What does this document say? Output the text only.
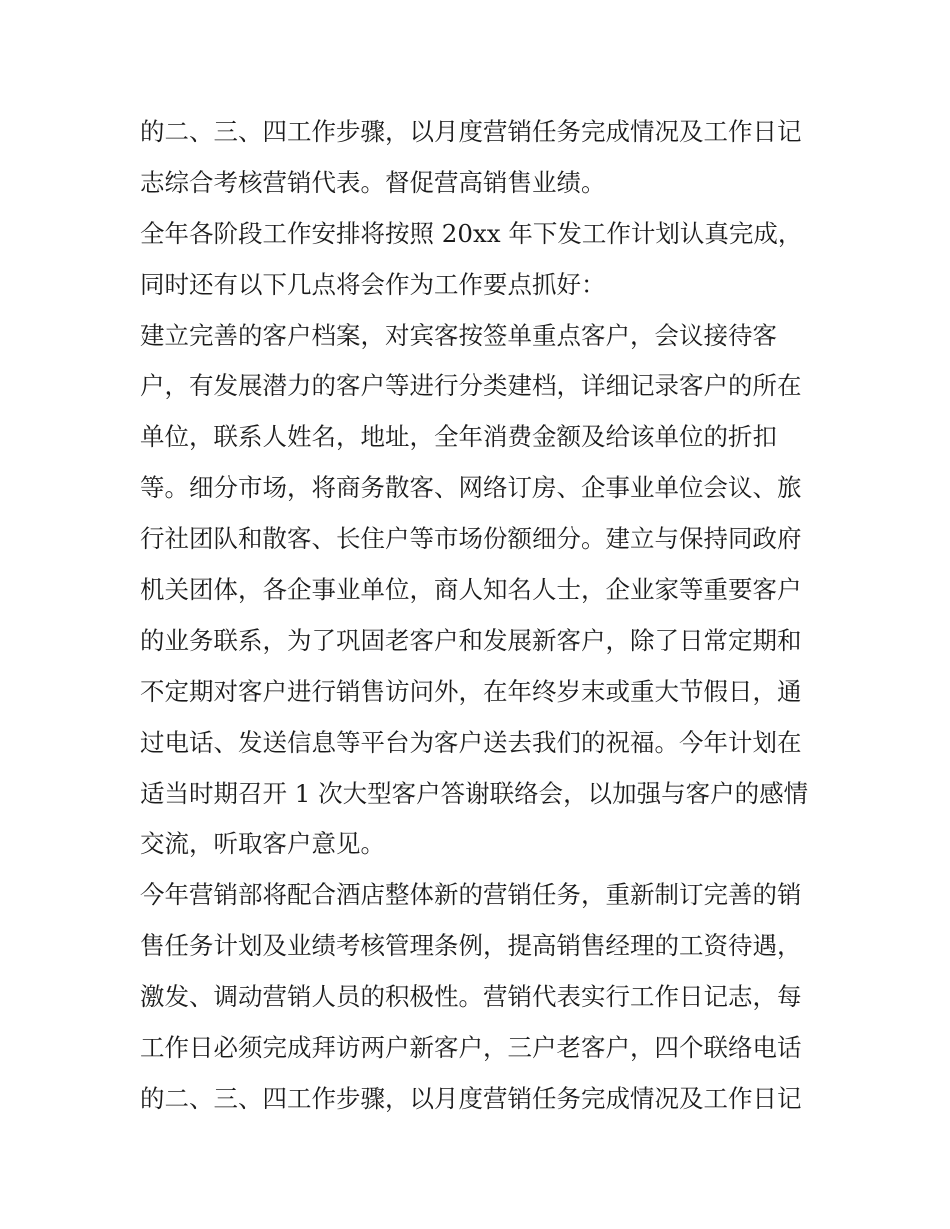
的二、三、四工作步骤，以月度营销任务完成情况及工作日记
志综合考核营销代表。督促营高销售业绩。
全年各阶段工作安排将按照 20xx 年下发工作计划认真完成，
同时还有以下几点将会作为工作要点抓好：
建立完善的客户档案，对宾客按签单重点客户，会议接待客
户，有发展潜力的客户等进行分类建档，详细记录客户的所在
单位，联系人姓名，地址，全年消费金额及给该单位的折扣
等。细分市场，将商务散客、网络订房、企事业单位会议、旅
行社团队和散客、长住户等市场份额细分。建立与保持同政府
机关团体，各企事业单位，商人知名人士，企业家等重要客户
的业务联系，为了巩固老客户和发展新客户，除了日常定期和
不定期对客户进行销售访问外，在年终岁末或重大节假日，通
过电话、发送信息等平台为客户送去我们的祝福。今年计划在
适当时期召开 1 次大型客户答谢联络会，以加强与客户的感情
交流，听取客户意见。
今年营销部将配合酒店整体新的营销任务，重新制订完善的销
售任务计划及业绩考核管理条例，提高销售经理的工资待遇，
激发、调动营销人员的积极性。营销代表实行工作日记志，每
工作日必须完成拜访两户新客户，三户老客户，四个联络电话
的二、三、四工作步骤，以月度营销任务完成情况及工作日记
